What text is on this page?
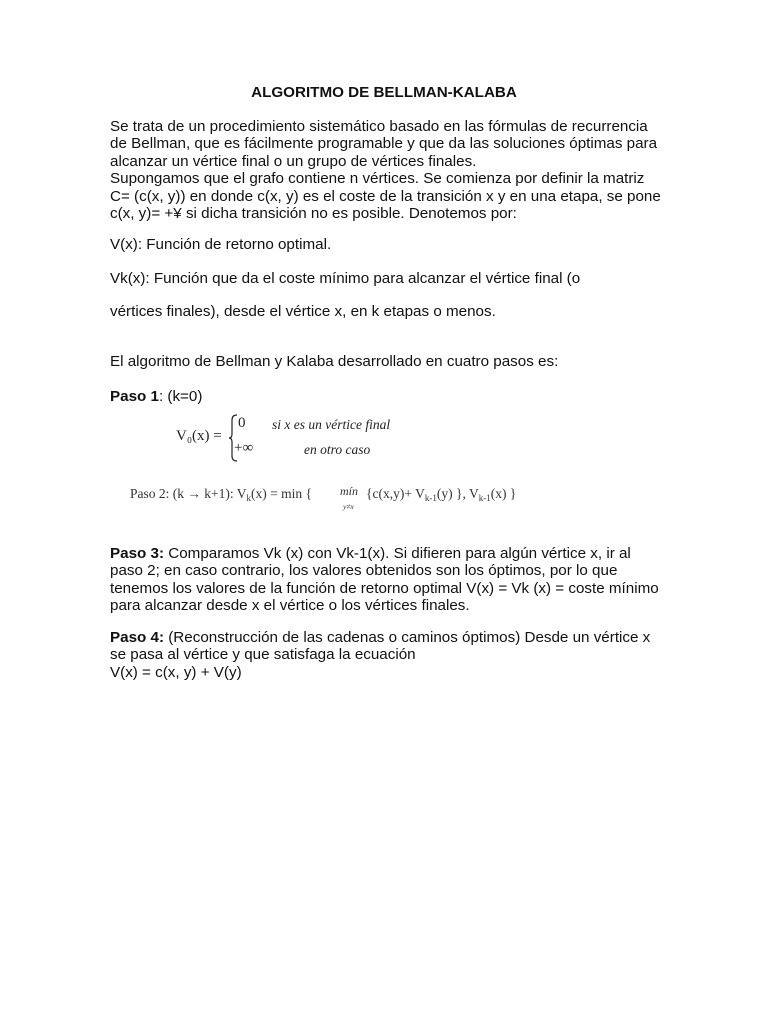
ALGORITMO DE BELLMAN-KALABA

Se trata de un procedimiento sistemático basado en las fórmulas de recurrencia de Bellman, que es fácilmente programable y que da las soluciones óptimas para alcanzar un vértice final o un grupo de vértices finales.

Supongamos que el grafo contiene n vértices. Se comienza por definir la matriz C= (c(x, y)) en donde c(x, y) es el coste de la transición x y en una etapa, se pone c(x, y)= +¥ si dicha transición no es posible. Denotemos por:

V(x): Función de retorno optimal.
Vk(x): Función que da el coste mínimo para alcanzar el vértice final (o
vértices finales), desde el vértice x, en k etapas o menos.
El algoritmo de Bellman y Kalaba desarrollado en cuatro pasos es:
Paso 1: (k=0)
V₀(x) =
0 si x es un vértice final
+∞	en otro caso
Paso 2: (k → k+1): $V_k(x) = \min$ { mín
y≠x
{$c(x,y)+ V_{k-1}(y)$ }, $V_{k-1}(x)$ }
Paso 3: Comparamos Vk (x) con Vk-1(x). Si difieren para algún vértice x, ir al paso 2; en caso contrario, los valores obtenidos son los óptimos, por lo que tenemos los valores de la función de retorno optimal V(x) = Vk (x) = coste mínimo para alcanzar desde x el vértice o los vértices finales.

Paso 4: (Reconstrucción de las cadenas o caminos óptimos) Desde un vértice x se pasa al vértice y que satisfaga la ecuación

V(x) = c(x, y) + V(y)
